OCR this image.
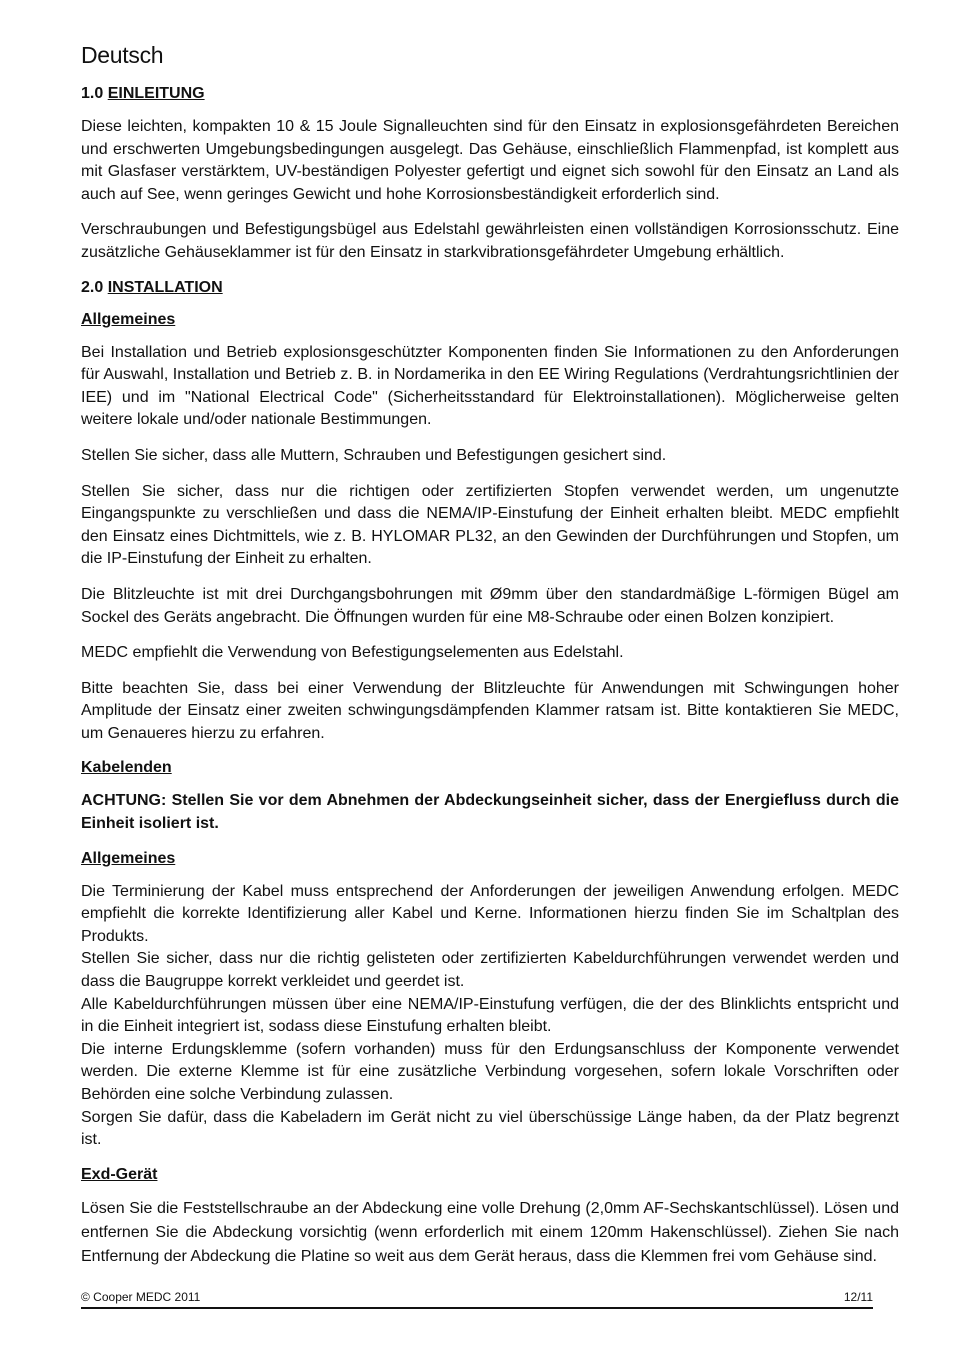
Deutsch
1.0 EINLEITUNG

Diese leichten, kompakten 10 & 15 Joule Signalleuchten sind für den Einsatz in explosionsgefährdeten Bereichen und erschwerten Umgebungsbedingungen ausgelegt. Das Gehäuse, einschließlich Flammenpfad, ist komplett aus mit Glasfaser verstärktem, UV-beständigen Polyester gefertigt und eignet sich sowohl für den Einsatz an Land als auch auf See, wenn geringes Gewicht und hohe Korrosionsbeständigkeit erforderlich sind.

Verschraubungen und Befestigungsbügel aus Edelstahl gewährleisten einen vollständigen Korrosionsschutz. Eine zusätzliche Gehäuseklammer ist für den Einsatz in starkvibrationsgefährdeter Umgebung erhältlich.

2.0 INSTALLATION
Allgemeines

Bei Installation und Betrieb explosionsgeschützter Komponenten finden Sie Informationen zu den Anforderungen für Auswahl, Installation und Betrieb z. B. in Nordamerika in den EE Wiring Regulations (Verdrahtungsrichtlinien der IEE) und im "National Electrical Code" (Sicherheitsstandard für Elektroinstallationen). Möglicherweise gelten weitere lokale und/oder nationale Bestimmungen.

Stellen Sie sicher, dass alle Muttern, Schrauben und Befestigungen gesichert sind.

Stellen Sie sicher, dass nur die richtigen oder zertifizierten Stopfen verwendet werden, um ungenutzte Eingangspunkte zu verschließen und dass die NEMA/IP-Einstufung der Einheit erhalten bleibt. MEDC empfiehlt den Einsatz eines Dichtmittels, wie z. B. HYLOMAR PL32, an den Gewinden der Durchführungen und Stopfen, um die IP-Einstufung der Einheit zu erhalten.

Die Blitzleuchte ist mit drei Durchgangsbohrungen mit Ø9mm über den standardmäßige L-förmigen Bügel am Sockel des Geräts angebracht. Die Öffnungen wurden für eine M8-Schraube oder einen Bolzen konzipiert.

MEDC empfiehlt die Verwendung von Befestigungselementen aus Edelstahl.

Bitte beachten Sie, dass bei einer Verwendung der Blitzleuchte für Anwendungen mit Schwingungen hoher Amplitude der Einsatz einer zweiten schwingungsdämpfenden Klammer ratsam ist. Bitte kontaktieren Sie MEDC, um Genaueres hierzu zu erfahren.

Kabelenden

ACHTUNG: Stellen Sie vor dem Abnehmen der Abdeckungseinheit sicher, dass der Energiefluss durch die Einheit isoliert ist.

Allgemeines

Die Terminierung der Kabel muss entsprechend der Anforderungen der jeweiligen Anwendung erfolgen. MEDC empfiehlt die korrekte Identifizierung aller Kabel und Kerne. Informationen hierzu finden Sie im Schaltplan des Produkts.

Stellen Sie sicher, dass nur die richtig gelisteten oder zertifizierten Kabeldurchführungen verwendet werden und dass die Baugruppe korrekt verkleidet und geerdet ist.

Alle Kabeldurchführungen müssen über eine NEMA/IP-Einstufung verfügen, die der des Blinklichts entspricht und in die Einheit integriert ist, sodass diese Einstufung erhalten bleibt.

Die interne Erdungsklemme (sofern vorhanden) muss für den Erdungsanschluss der Komponente verwendet werden. Die externe Klemme ist für eine zusätzliche Verbindung vorgesehen, sofern lokale Vorschriften oder Behörden eine solche Verbindung zulassen.

Sorgen Sie dafür, dass die Kabeladern im Gerät nicht zu viel überschüssige Länge haben, da der Platz begrenzt ist.

Exd-Gerät

Lösen Sie die Feststellschraube an der Abdeckung eine volle Drehung (2,0mm AF-Sechskantschlüssel). Lösen und entfernen Sie die Abdeckung vorsichtig (wenn erforderlich mit einem 120mm Hakenschlüssel). Ziehen Sie nach Entfernung der Abdeckung die Platine so weit aus dem Gerät heraus, dass die Klemmen frei vom Gehäuse sind.

© Cooper MEDC 2011	12/11
